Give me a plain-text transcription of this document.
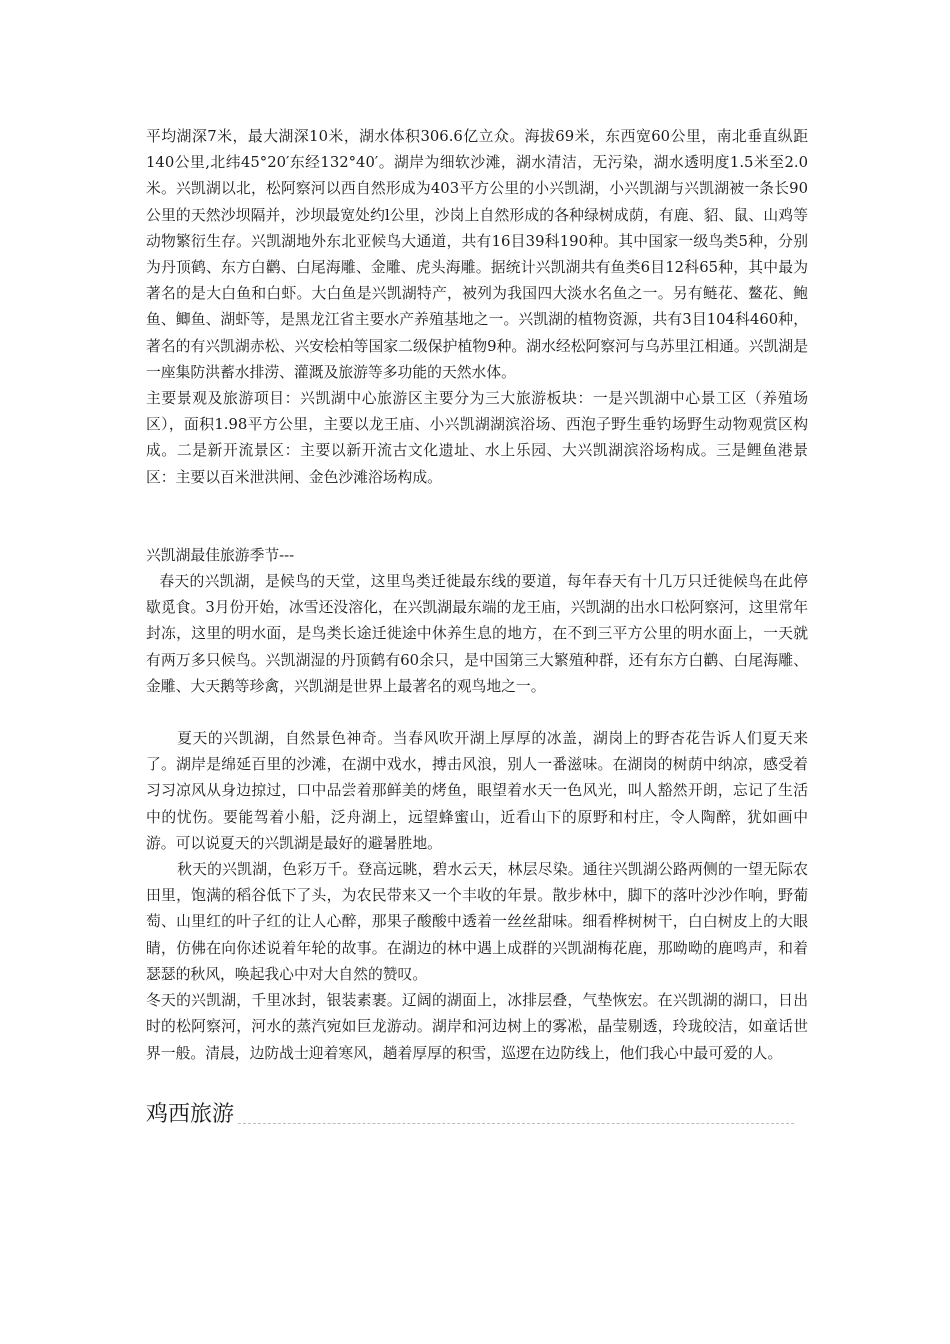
平均湖深7米，最大湖深10米，湖水体积306.6亿立众。海拔69米，东西宽60公里，南北垂直纵距140公里,北纬45°20′东经132°40′。湖岸为细软沙滩，湖水清洁，无污染，湖水透明度1.5米至2.0米。兴凯湖以北，松阿察河以西自然形成为403平方公里的小兴凯湖，小兴凯湖与兴凯湖被一条长90公里的天然沙坝隔并，沙坝最宽处约l公里，沙岗上自然形成的各种绿树成荫，有鹿、貂、鼠、山鸡等动物繁衍生存。兴凯湖地外东北亚候鸟大通道，共有16目39科190种。其中国家一级鸟类5种，分别为丹顶鹤、东方白鹳、白尾海雕、金雕、虎头海雕。据统计兴凯湖共有鱼类6目12科65种，其中最为著名的是大白鱼和白虾。大白鱼是兴凯湖特产，被列为我国四大淡水名鱼之一。另有鲢花、鳌花、鲍鱼、鲫鱼、湖虾等，是黑龙江省主要水产养殖基地之一。兴凯湖的植物资源，共有3目104科460种，著名的有兴凯湖赤松、兴安桧柏等国家二级保护植物9种。湖水经松阿察河与乌苏里江相通。兴凯湖是一座集防洪蓄水排涝、灌溉及旅游等多功能的天然水体。

主要景观及旅游项目：兴凯湖中心旅游区主要分为三大旅游板块：一是兴凯湖中心景工区（养殖场区），面积1.98平方公里，主要以龙王庙、小兴凯湖湖滨浴场、西泡子野生垂钓场野生动物观赏区构成。二是新开流景区：主要以新开流古文化遗址、水上乐园、大兴凯湖滨浴场构成。三是鲤鱼港景区：主要以百米泄洪闸、金色沙滩浴场构成。

兴凯湖最佳旅游季节---

春天的兴凯湖，是候鸟的天堂，这里鸟类迁徙最东线的要道，每年春天有十几万只迁徙候鸟在此停歇觅食。3月份开始，冰雪还没溶化，在兴凯湖最东端的龙王庙，兴凯湖的出水口松阿察河，这里常年封冻，这里的明水面，是鸟类长途迁徙途中休养生息的地方，在不到三平方公里的明水面上，一天就有两万多只候鸟。兴凯湖湿的丹顶鹤有60余只，是中国第三大繁殖种群，还有东方白鹳、白尾海雕、金雕、大天鹅等珍禽，兴凯湖是世界上最著名的观鸟地之一。

夏天的兴凯湖，自然景色神奇。当春风吹开湖上厚厚的冰盖，湖岗上的野杏花告诉人们夏天来了。湖岸是绵延百里的沙滩，在湖中戏水，搏击风浪，别人一番滋味。在湖岗的树荫中纳凉，感受着习习凉风从身边掠过，口中品尝着那鲜美的烤鱼，眼望着水天一色风光，叫人豁然开朗，忘记了生活中的忧伤。要能驾着小船，泛舟湖上，远望蜂蜜山，近看山下的原野和村庄，令人陶醉，犹如画中游。可以说夏天的兴凯湖是最好的避暑胜地。

秋天的兴凯湖，色彩万千。登高远眺，碧水云天，林层尽染。通往兴凯湖公路两侧的一望无际农田里，饱满的稻谷低下了头，为农民带来又一个丰收的年景。散步林中，脚下的落叶沙沙作响，野葡萄、山里红的叶子红的让人心醉，那果子酸酸中透着一丝丝甜味。细看桦树树干，白白树皮上的大眼睛，仿佛在向你述说着年轮的故事。在湖边的林中遇上成群的兴凯湖梅花鹿，那呦呦的鹿鸣声，和着瑟瑟的秋风，唤起我心中对大自然的赞叹。

冬天的兴凯湖，千里冰封，银装素裹。辽阔的湖面上，冰排层叠，气垫恢宏。在兴凯湖的湖口，日出时的松阿察河，河水的蒸汽宛如巨龙游动。湖岸和河边树上的雾凇，晶莹剔透，玲珑皎洁，如童话世界一般。清晨，边防战士迎着寒风，趟着厚厚的积雪，巡逻在边防线上，他们我心中最可爱的人。

鸡西旅游
